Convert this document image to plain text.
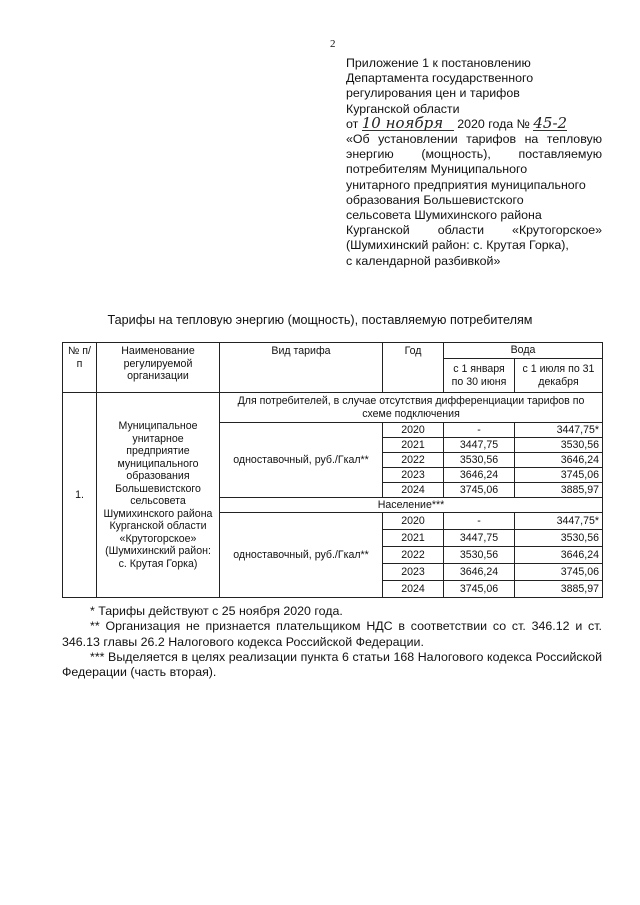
2
Приложение 1 к постановлению
Департамента государственного
регулирования цен и тарифов
Курганской области
от 10 ноября 2020 года № 45-2
«Об установлении тарифов на тепловую
энергию (мощность), поставляемую
потребителям Муниципального
унитарного предприятия муниципального
образования Большевистского
сельсовета Шумихинского района
Курганской области «Крутогорское»
(Шумихинский район: с. Крутая Горка),
с календарной разбивкой»
Тарифы на тепловую энергию (мощность), поставляемую потребителям
№ п/п	Наименование регулируемой организации	Вид тарифа	Год	Вода	
				с 1 января по 30 июня	с 1 июля по 31 декабря
1.	Муниципальное унитарное предприятие муниципального образования Большевистского сельсовета Шумихинского района Курганской области «Крутогорское» (Шумихинский район: с. Крутая Горка)	Для потребителей, в случае отсутствия дифференциации тарифов по схеме подключения			
		одноставочный, руб./Гкал**	2020	-	3447,75*
			2021	3447,75	3530,56
			2022	3530,56	3646,24
			2023	3646,24	3745,06
			2024	3745,06	3885,97
		Население***			
		одноставочный, руб./Гкал**	2020	-	3447,75*
			2021	3447,75	3530,56
			2022	3530,56	3646,24
			2023	3646,24	3745,06
			2024	3745,06	3885,97

* Тарифы действуют с 25 ноября 2020 года.

** Организация не признается плательщиком НДС в соответствии со ст. 346.12 и ст. 346.13 главы 26.2 Налогового кодекса Российской Федерации.

*** Выделяется в целях реализации пункта 6 статьи 168 Налогового кодекса Российской Федерации (часть вторая).
